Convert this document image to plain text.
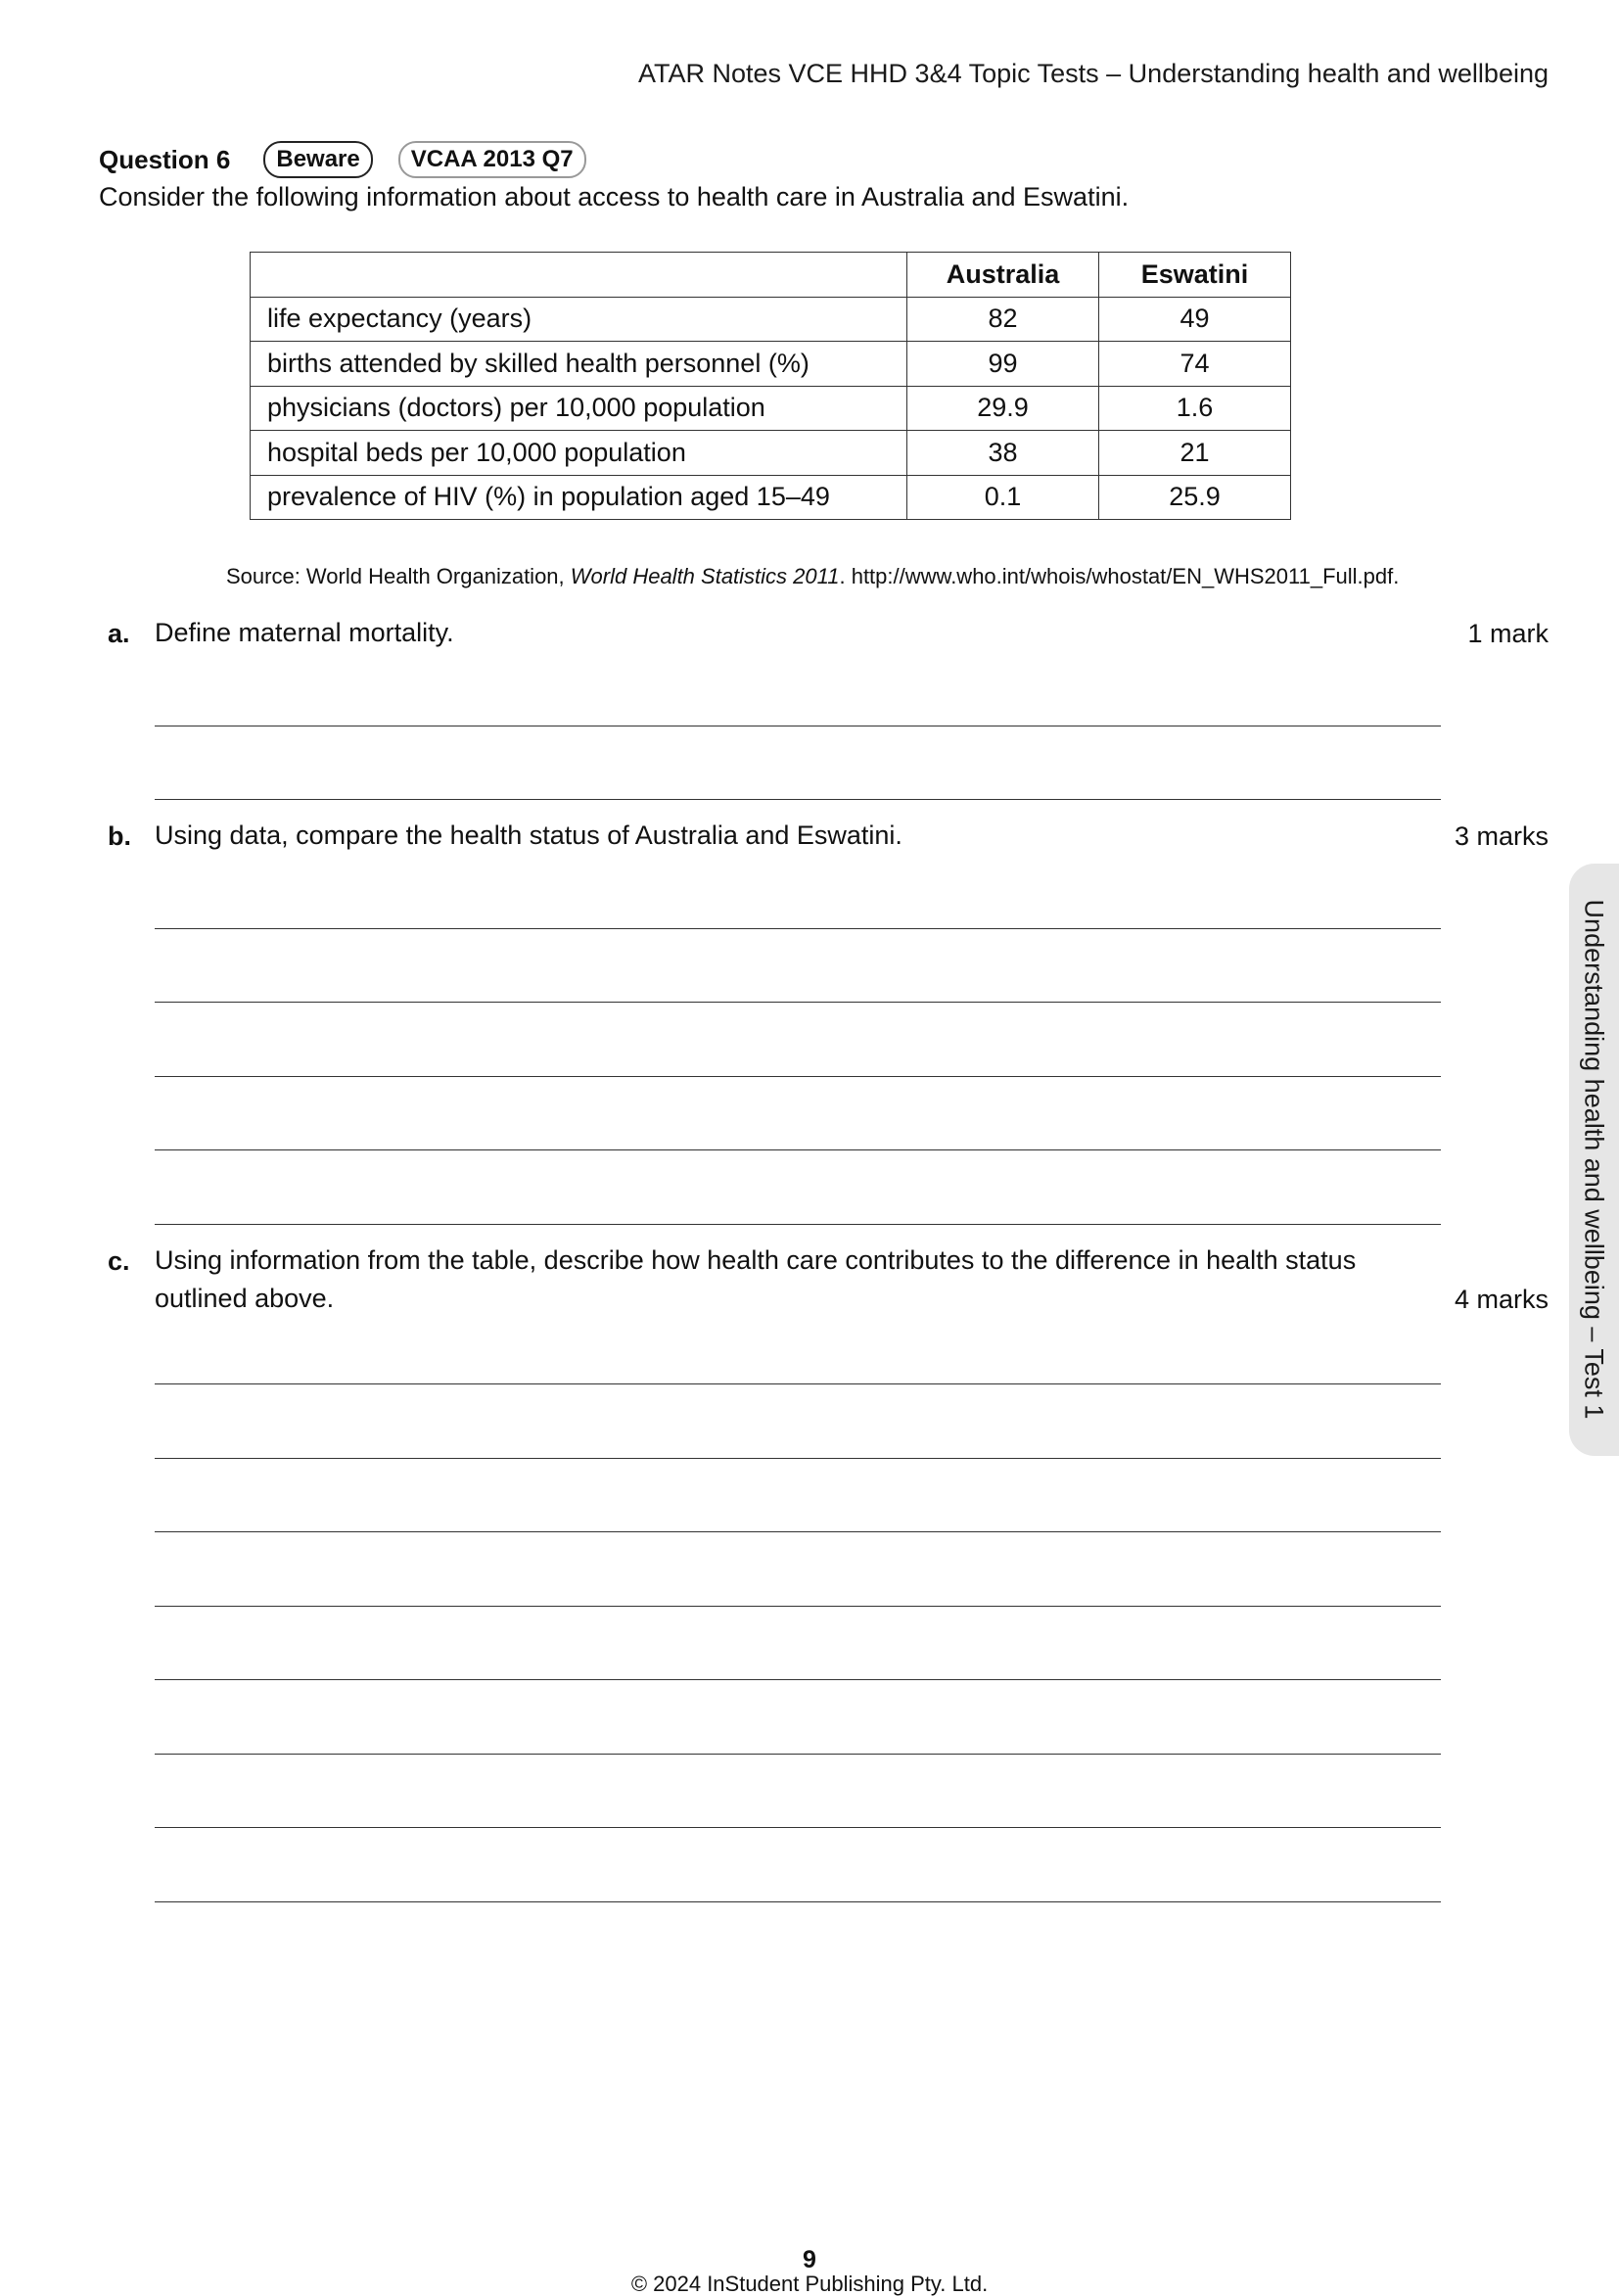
ATAR Notes VCE HHD 3&4 Topic Tests – Understanding health and wellbeing
Question 6	Beware	VCAA 2013 Q7
Consider the following information about access to health care in Australia and Eswatini.
	Australia	Eswatini
life expectancy (years)	82	49
births attended by skilled health personnel (%)	99	74
physicians (doctors) per 10,000 population	29.9	1.6
hospital beds per 10,000 population	38	21
prevalence of HIV (%) in population aged 15–49	0.1	25.9
Source: World Health Organization, World Health Statistics 2011. http://www.who.int/whois/whostat/EN_WHS2011_Full.pdf.
a. Define maternal mortality.	1 mark
b. Using data, compare the health status of Australia and Eswatini.	3 marks
c. Using information from the table, describe how health care contributes to the difference in health status
outlined above.	4 marks Understanding health and wellbeing – Test 1
9
© 2024 InStudent Publishing Pty. Ltd.
